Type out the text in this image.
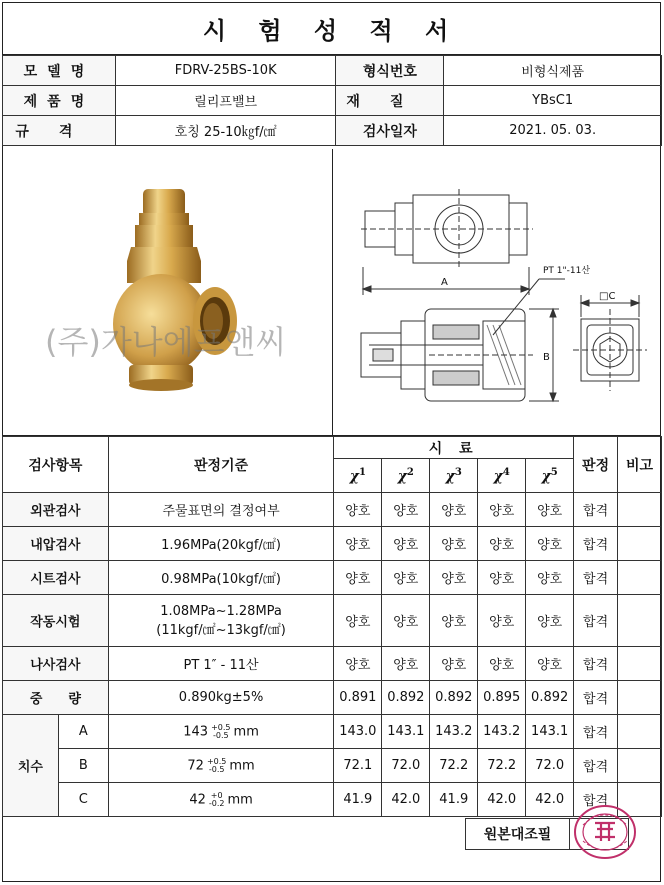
시 험 성 적 서
모델명	FDRV-25BS-10K	형식번호	비형식제품
제품명	릴리프밸브	재질	YBsC1
규격	호칭 25-10㎏f/㎠	검사일자	2021. 05. 03.
(주)가나에프앤씨
A
B
□C
PT 1"-11산
검사항목		판정기준	시 료					판정	비고
			$\chi^1$	$\chi^2$	$\chi^3$	$\chi^4$	$\chi^5$
외관검사		주물표면의 결정여부	양호	양호	양호	양호	양호	합격	
내압검사		1.96MPa(20kgf/㎠)	양호	양호	양호	양호	양호	합격	
시트검사		0.98MPa(10kgf/㎠)	양호	양호	양호	양호	양호	합격	
작동시험		1.08MPa~1.28MPa
(11kgf/㎠~13kgf/㎠)	양호	양호	양호	양호	양호	합격	
나사검사		PT 1″ - 11산	양호	양호	양호	양호	양호	합격	
중　　량		0.890kg±5%	0.891	0.892	0.892	0.895	0.892	합격	
치수	A	143 +0.5
-0.5 mm	143.0	143.1	143.2	143.2	143.1	합격	
	B	72 +0.5
-0.5 mm	72.1	72.0	72.2	72.2	72.0	합격	
	C	42 +0
-0.2 mm	41.9	42.0	41.9	42.0	42.0	합격	
원본대조필
